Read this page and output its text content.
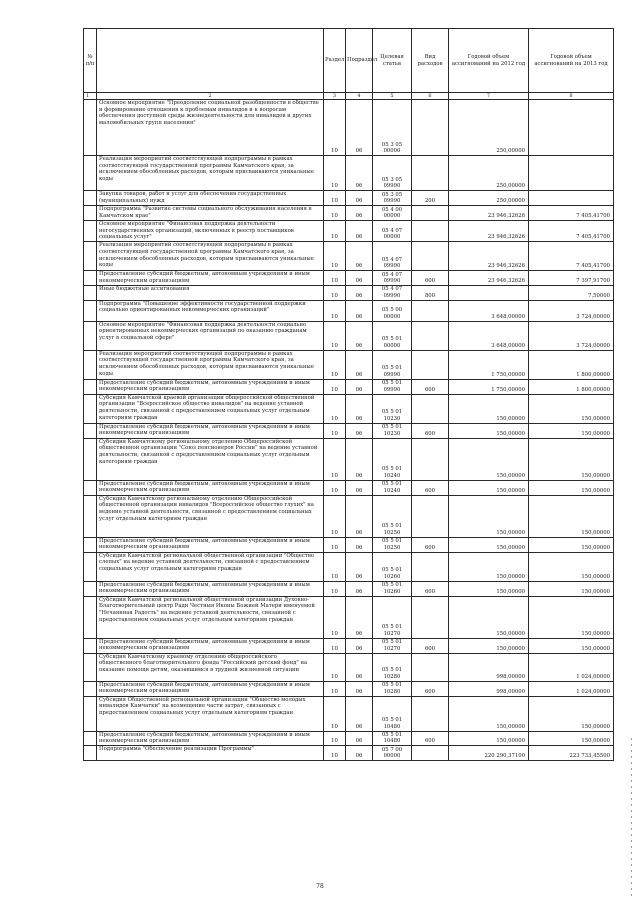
№ п/п		Раздел	Подраздел	Целевая статья	Вид расходов	Годовой объем ассигнований на 2012 год	Годовой объем ассигнований на 2013 год
1	2	3	4	5	6	7	8
	Основное мероприятие "Преодоление социальной разобщенности в обществе и формирование отношения к проблемам инвалидов и к вопросам обеспечения доступной среды жизнедеятельности для инвалидов и других маломобильных групп населения"	10	06	05 3 05 00000		250,00000	
	Реализация мероприятий соответствующей подпрограммы в рамках соответствующей государственной программы Камчатского края, за исключением обособленных расходов, которым присваиваются уникальные коды	10	06	05 3 05 09990		250,00000	
	Закупка товаров, работ и услуг для обеспечения государственных (муниципальных) нужд	10	06	05 3 05 09990	200	250,00000	
	Подпрограмма "Развитие системы социального обслуживания населения в Камчатском крае"	10	06	05 4 00 00000		23 946,32626	7 405,41700
	Основное мероприятие "Финансовая поддержка деятельности негосударственных организаций, включенных в реестр поставщиков социальных услуг"	10	06	05 4 07 00000		23 946,32626	7 405,41700
	Реализация мероприятий соответствующей подпрограммы в рамках соответствующей государственной программы Камчатского края, за исключением обособленных расходов, которым присваиваются уникальные коды	10	06	05 4 07 09990		23 946,32626	7 405,41700
	Предоставление субсидий бюджетным, автономным учреждениям и иным некоммерческим организациям	10	06	05 4 07 09990	600	23 946,32626	7 397,91700
	Иные бюджетные ассигнования	10	06	05 4 07 09990	800		7,50000
	Подпрограмма "Повышение эффективности государственной поддержки социально ориентированных некоммерческих организаций"	10	06	05 5 00 00000		3 648,00000	3 724,00000
	Основное мероприятие "Финансовая поддержка деятельности социально ориентированных некоммерческих организаций по оказанию гражданам услуг в социальной сфере"	10	06	05 5 01 00000		3 648,00000	3 724,00000
	Реализация мероприятий соответствующей подпрограммы в рамках соответствующей государственной программы Камчатского края, за исключением обособленных расходов, которым присваиваются уникальные коды	10	06	05 5 01 09990		1 750,00000	1 800,00000
	Предоставление субсидий бюджетным, автономным учреждениям и иным некоммерческим организациям	10	06	05 5 01 09990	600	1 750,00000	1 800,00000
	Субсидия Камчатской краевой организации общероссийской общественной организации "Всероссийское общество инвалидов" на ведение уставной деятельности, связанной с предоставлением социальных услуг отдельным категориям граждан	10	06	05 5 01 10230		150,00000	150,00000
	Предоставление субсидий бюджетным, автономным учреждениям и иным некоммерческим организациям	10	06	05 5 01 10230	600	150,00000	150,00000
	Субсидия Камчатскому региональному отделению Общероссийской общественной организации "Союз пенсионеров России" на ведение уставной деятельности, связанной с предоставлением социальных услуг отдельным категориям граждан	10	06	05 5 01 10240		150,00000	150,00000
	Предоставление субсидий бюджетным, автономным учреждениям и иным некоммерческим организациям	10	06	05 5 01 10240	600	150,00000	150,00000
	Субсидия Камчатскому региональному отделению Общероссийской общественной организации инвалидов "Всероссийское общество глухих" на ведение уставной деятельности, связанной с предоставлением социальных услуг отдельным категориям граждан	10	06	05 5 01 10250		150,00000	150,00000
	Предоставление субсидий бюджетным, автономным учреждениям и иным некоммерческим организациям	10	06	05 5 01 10250	600	150,00000	150,00000
	Субсидия Камчатской региональной общественной организации "Общество слепых" на ведение уставной деятельности, связанной с предоставлением социальных услуг отдельным категориям граждан	10	06	05 5 01 10260		150,00000	150,00000
	Предоставление субсидий бюджетным, автономным учреждениям и иным некоммерческим организациям	10	06	05 5 01 10260	600	150,00000	150,00000
	Субсидия Камчатской региональной общественной организации Духовно-Благотворительный центр Ради Честныя Иконы Божией Матери именуемой "Нечаянная Радость" на ведение уставной деятельности, связанной с предоставлением социальных услуг отдельным категориям граждан	10	06	05 5 01 10270		150,00000	150,00000
	Предоставление субсидий бюджетным, автономным учреждениям и иным некоммерческим организациям	10	06	05 5 01 10270	600	150,00000	150,00000
	Субсидия Камчатскому краевому отделению общероссийского общественного благотворительного фонда "Российский детский фонд" на оказание помощи детям, оказавшимся в трудной жизненной ситуации	10	06	05 5 01 10280		998,00000	1 024,00000
	Предоставление субсидий бюджетным, автономным учреждениям и иным некоммерческим организациям	10	06	05 5 01 10280	600	998,00000	1 024,00000
	Субсидия Общественной региональной организации "Общество молодых инвалидов Камчатки" на возмещение части затрат, связанных с предоставлением социальных услуг отдельным категориям граждан	10	06	05 5 01 10480		150,00000	150,00000
	Предоставление субсидий бюджетным, автономным учреждениям и иным некоммерческим организациям	10	06	05 5 01 10480	600	150,00000	150,00000
	Подпрограмма "Обеспечение реализации Программы"	10	06	05 7 00 00000		220 290,37100	223 733,45500
78
